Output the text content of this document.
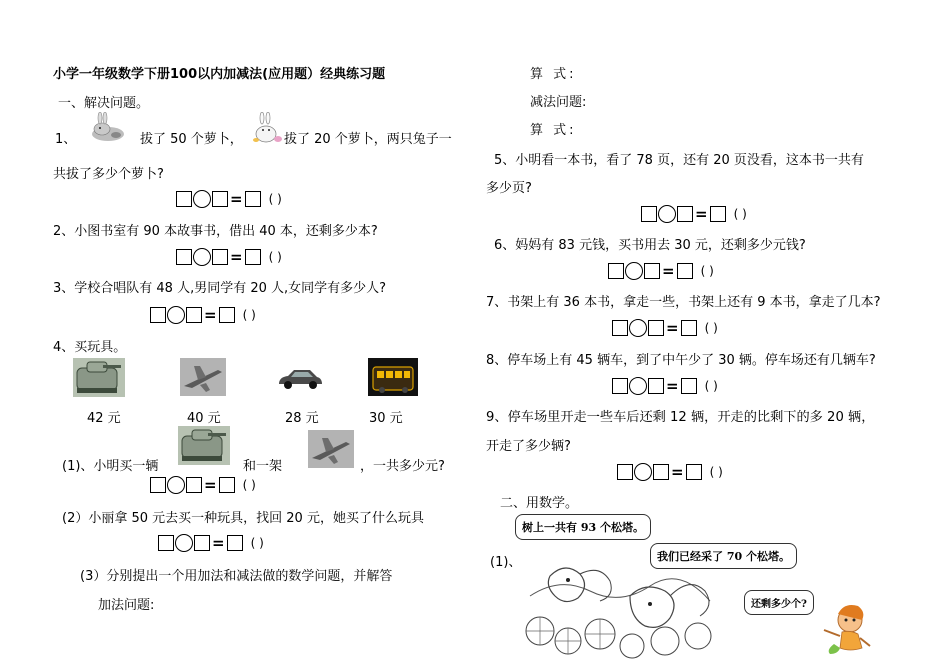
小学一年级数学下册100以内加减法(应用题）经典练习题
一、解决问题。
1、	拔了 50 个萝卜，	拔了 20 个萝卜，两只兔子一
共拔了多少个萝卜?
= ( )
2、小图书室有 90 本故事书，借出 40 本，还剩多少本?
= ( )
3、学校合唱队有 48 人,男同学有 20 人,女同学有多少人?
= ( )
4、买玩具。
42 元	40 元	28 元	30 元
(1)、小明买一辆	和一架	，一共多少元?
= ( )
(2）小丽拿 50 元去买一种玩具，找回 20 元，她买了什么玩具
= ( )
(3）分别提出一个用加法和减法做的数学问题，并解答
加法问题:
算 式:
减法问题:
算 式:
5、小明看一本书，看了 78 页，还有 20 页没看，这本书一共有
多少页?
= ( )
6、妈妈有 83 元钱，买书用去 30 元，还剩多少元钱?
= ( )
7、书架上有 36 本书，拿走一些，书架上还有 9 本书，拿走了几本?
= ( )
8、停车场上有 45 辆车，到了中午少了 30 辆。停车场还有几辆车?
= ( )
9、停车场里开走一些车后还剩 12 辆，开走的比剩下的多 20 辆，
开走了多少辆?
= ( )
二、用数学。
树上一共有 93 个松塔。
(1)、	我们已经采了 70 个松塔。
还剩多少个?
